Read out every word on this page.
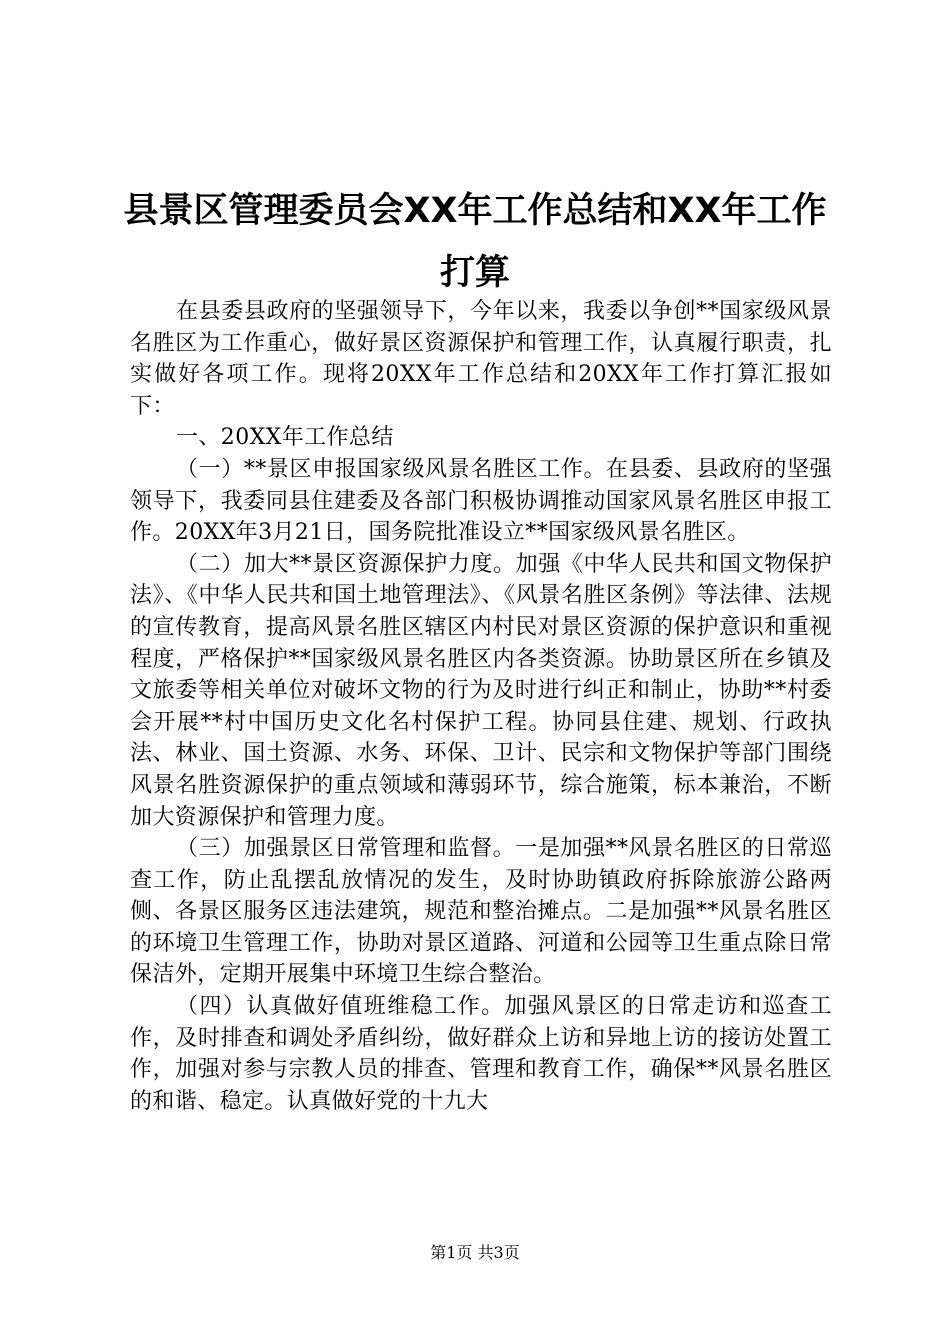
县景区管理委员会XX年工作总结和XX年工作打算

在县委县政府的坚强领导下，今年以来，我委以争创**国家级风景名胜区为工作重心，做好景区资源保护和管理工作，认真履行职责，扎实做好各项工作。现将20XX年工作总结和20XX年工作打算汇报如下：

一、20XX年工作总结

（一）**景区申报国家级风景名胜区工作。在县委、县政府的坚强领导下，我委同县住建委及各部门积极协调推动国家风景名胜区申报工作。20XX年3月21日，国务院批准设立**国家级风景名胜区。

（二）加大**景区资源保护力度。加强《中华人民共和国文物保护法》、《中华人民共和国土地管理法》、《风景名胜区条例》等法律、法规的宣传教育，提高风景名胜区辖区内村民对景区资源的保护意识和重视程度，严格保护**国家级风景名胜区内各类资源。协助景区所在乡镇及文旅委等相关单位对破坏文物的行为及时进行纠正和制止，协助**村委会开展**村中国历史文化名村保护工程。协同县住建、规划、行政执法、林业、国土资源、水务、环保、卫计、民宗和文物保护等部门围绕风景名胜资源保护的重点领域和薄弱环节，综合施策，标本兼治，不断加大资源保护和管理力度。

（三）加强景区日常管理和监督。一是加强**风景名胜区的日常巡查工作，防止乱摆乱放情况的发生，及时协助镇政府拆除旅游公路两侧、各景区服务区违法建筑，规范和整治摊点。二是加强**风景名胜区的环境卫生管理工作，协助对景区道路、河道和公园等卫生重点除日常保洁外，定期开展集中环境卫生综合整治。

（四）认真做好值班维稳工作。加强风景区的日常走访和巡查工作，及时排查和调处矛盾纠纷，做好群众上访和异地上访的接访处置工作，加强对参与宗教人员的排查、管理和教育工作，确保**风景名胜区的和谐、稳定。认真做好党的十九大

第1页 共3页
